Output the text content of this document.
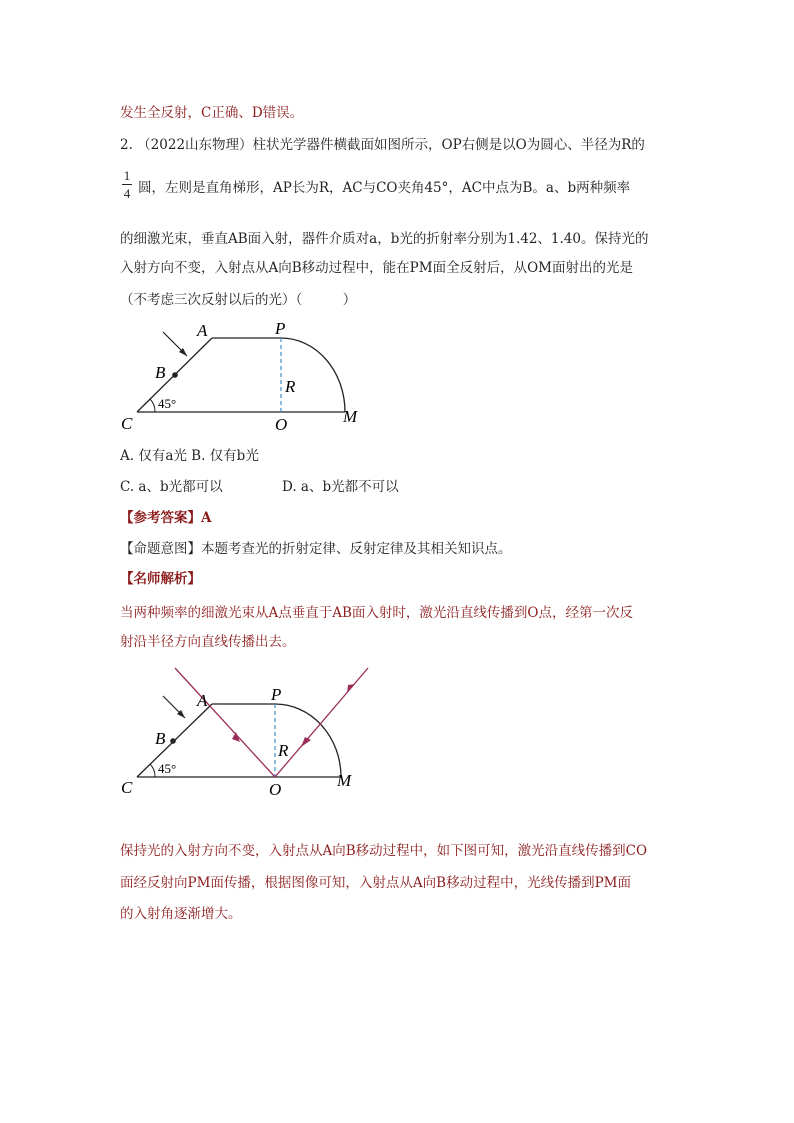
发生全反射，C正确、D错误。
2. （2022山东物理）柱状光学器件横截面如图所示，OP右侧是以O为圆心、半径为R的
1
4 圆，左则是直角梯形，AP长为R，AC与CO夹角45°，AC中点为B。a、b两种频率
的细激光束，垂直AB面入射，器件介质对a，b光的折射率分别为1.42、1.40。保持光的
入射方向不变，入射点从A向B移动过程中，能在PM面全反射后，从OM面射出的光是
（不考虑三次反射以后的光）（　　　）
A
B
C
P
O	M
R
45°
A. 仅有a光 B. 仅有b光
C. a、b光都可以	D. a、b光都不可以
【参考答案】A
【命题意图】本题考查光的折射定律、反射定律及其相关知识点。
【名师解析】
当两种频率的细激光束从A点垂直于AB面入射时，激光沿直线传播到O点，经第一次反
射沿半径方向直线传播出去。
A
B
C
P
O	M
R
45°
保持光的入射方向不变，入射点从A向B移动过程中，如下图可知，激光沿直线传播到CO
面经反射向PM面传播，根据图像可知，入射点从A向B移动过程中，光线传播到PM面
的入射角逐渐增大。
